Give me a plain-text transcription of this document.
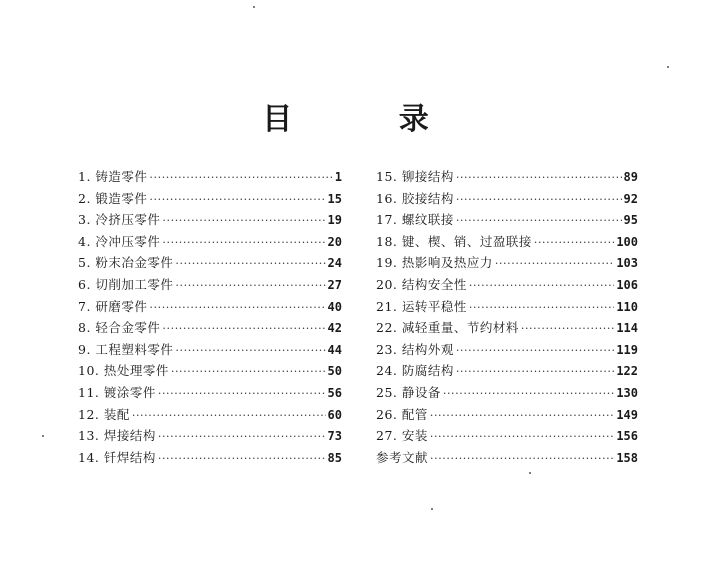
目 录
1. 铸造零件 ·····	1
2. 锻造零件 ·····	15
3. 冷挤压零件 ·····	19
4. 冷冲压零件 ·····	20
5. 粉末冶金零件 ·····	24
6. 切削加工零件 ·····	27
7. 研磨零件 ·····	40
8. 轻合金零件 ·····	42
9. 工程塑料零件 ·····	44
10. 热处理零件 ·····	50
11. 镀涂零件 ·····	56
12. 装配 ·····	60
13. 焊接结构 ·····	73
14. 钎焊结构 ·····	85
15. 铆接结构 ·····	89
16. 胶接结构 ·····	92
17. 螺纹联接 ·····	95
18. 键、楔、销、过盈联接 ·····	100
19. 热影响及热应力 ·····	103
20. 结构安全性 ·····	106
21. 运转平稳性 ·····	110
22. 减轻重量、节约材料 ·····	114
23. 结构外观 ·····	119
24. 防腐结构 ·····	122
25. 静设备 ·····	130
26. 配管 ·····	149
27. 安装 ·····	156
参考文献 ·····	158
